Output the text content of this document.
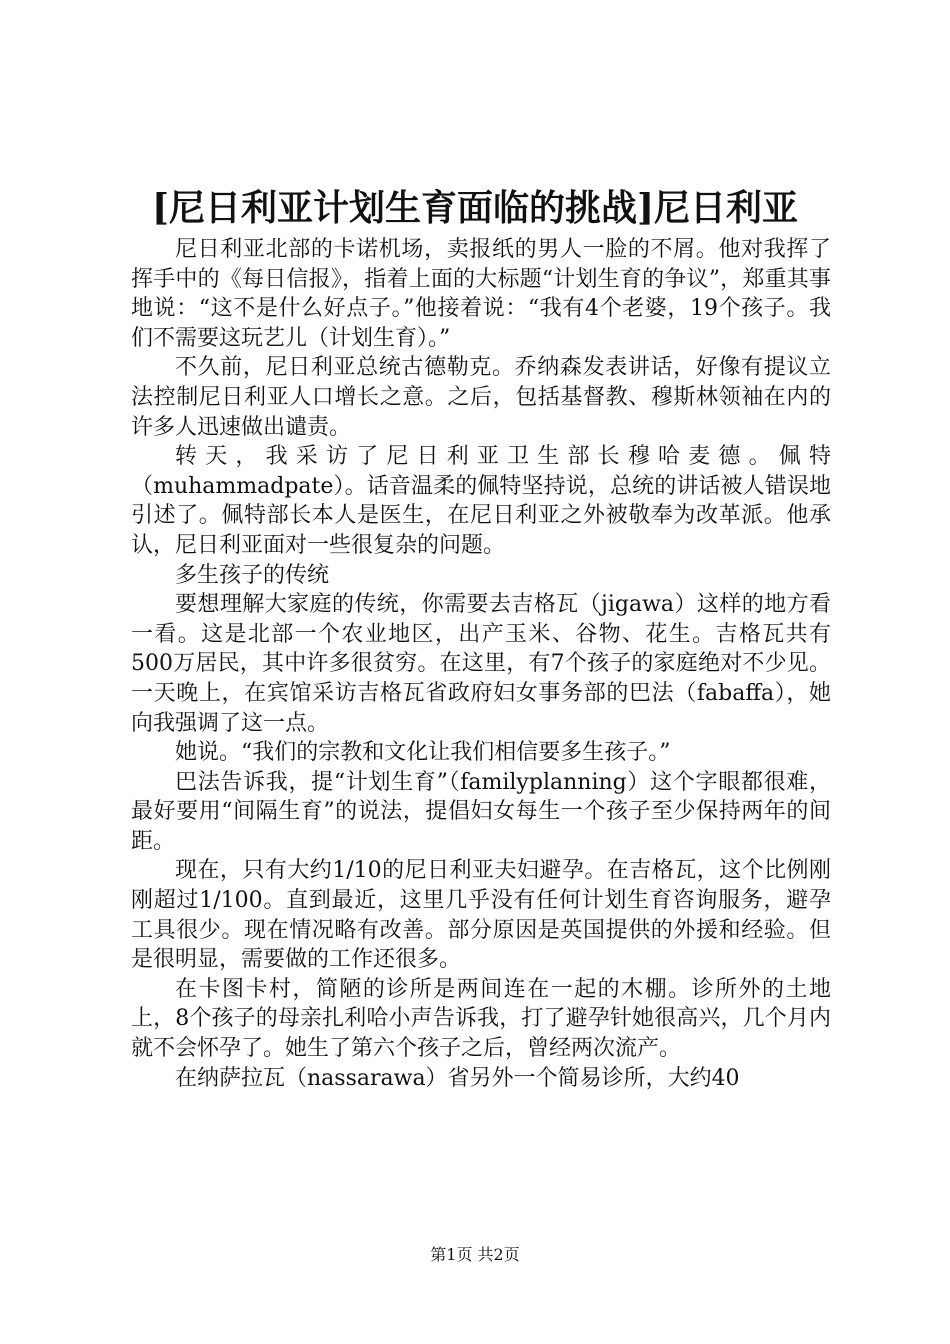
[尼日利亚计划生育面临的挑战]尼日利亚

尼日利亚北部的卡诺机场，卖报纸的男人一脸的不屑。他对我挥了挥手中的《每日信报》，指着上面的大标题“计划生育的争议”，郑重其事地说：“这不是什么好点子。”他接着说：“我有4个老婆，19个孩子。我们不需要这玩艺儿（计划生育）。”

不久前，尼日利亚总统古德勒克。乔纳森发表讲话，好像有提议立法控制尼日利亚人口增长之意。之后，包括基督教、穆斯林领袖在内的许多人迅速做出谴责。

转天，我采访了尼日利亚卫生部长穆哈麦德。佩特（muhammadpate）。话音温柔的佩特坚持说，总统的讲话被人错误地引述了。佩特部长本人是医生，在尼日利亚之外被敬奉为改革派。他承认，尼日利亚面对一些很复杂的问题。

多生孩子的传统

要想理解大家庭的传统，你需要去吉格瓦（jigawa）这样的地方看一看。这是北部一个农业地区，出产玉米、谷物、花生。吉格瓦共有500万居民，其中许多很贫穷。在这里，有7个孩子的家庭绝对不少见。一天晚上，在宾馆采访吉格瓦省政府妇女事务部的巴法（fabaffa），她向我强调了这一点。

她说。“我们的宗教和文化让我们相信要多生孩子。”

巴法告诉我，提“计划生育”（familyplanning）这个字眼都很难，最好要用“间隔生育”的说法，提倡妇女每生一个孩子至少保持两年的间距。

现在，只有大约1/10的尼日利亚夫妇避孕。在吉格瓦，这个比例刚刚超过1/100。直到最近，这里几乎没有任何计划生育咨询服务，避孕工具很少。现在情况略有改善。部分原因是英国提供的外援和经验。但是很明显，需要做的工作还很多。

在卡图卡村，简陋的诊所是两间连在一起的木棚。诊所外的土地上，8个孩子的母亲扎利哈小声告诉我，打了避孕针她很高兴，几个月内就不会怀孕了。她生了第六个孩子之后，曾经两次流产。

在纳萨拉瓦（nassarawa）省另外一个简易诊所，大约40

第1页 共2页
